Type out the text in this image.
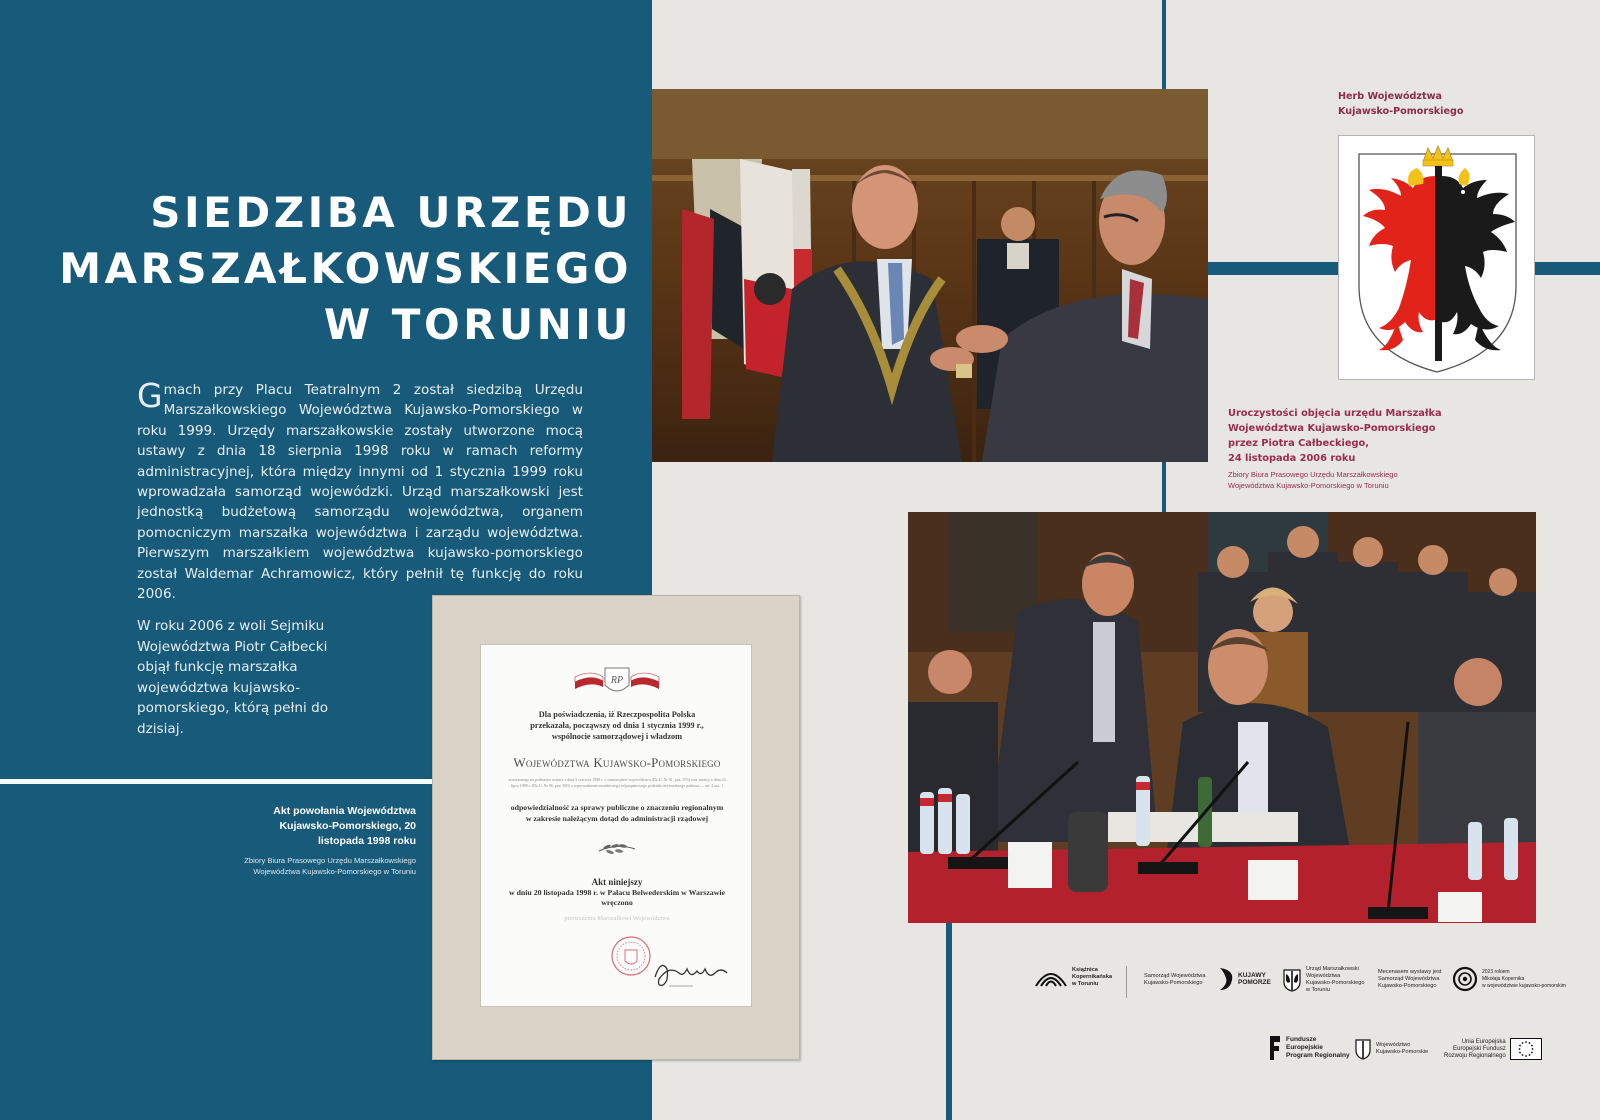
SIEDZIBA URZĘDU
MARSZAŁKOWSKIEGO
W TORUNIU

Gmach przy Placu Teatralnym 2 został siedzibą Urzędu Marszałkowskiego Województwa Kujawsko-Pomorskiego w roku 1999. Urzędy marszałkowskie zostały utworzone mocą ustawy z dnia 18 sierpnia 1998 roku w ramach reformy administracyjnej, która między innymi od 1 stycznia 1999 roku wprowadzała samorząd wojewódzki. Urząd marszałkowski jest jednostką budżetową samorządu województwa, organem pomocniczym marszałka województwa i zarządu województwa. Pierwszym marszałkiem województwa kujawsko-pomorskiego został Waldemar Achramowicz, który pełnił tę funkcję do roku 2006.

W roku 2006 z woli Sejmiku Województwa Piotr Całbecki objął funkcję marszałka województwa kujawsko-pomorskiego, którą pełni do dzisiaj.

Akt powołania Województwa Kujawsko-Pomorskiego, 20 listopada 1998 roku
Zbiory Biura Prasowego Urzędu Marszałkowskiego Województwa Kujawsko-Pomorskiego w Toruniu
RP
Dla poświadczenia, iż Rzeczpospolita Polska
przekazała, począwszy od dnia 1 stycznia 1999 r.,
wspólnocie samorządowej i władzom
Województwa Kujawsko-Pomorskiego
utworzonego na podstawie ustawy z dnia 5 czerwca 1998 r. o samorządzie województwa (Dz.U. Nr 91, poz. 576) oraz ustawy z dnia 24 lipca 1998 r. (Dz.U. Nr 96, poz. 603) o wprowadzeniu zasadniczego trójstopniowego podziału terytorialnego państwa — art. 2 ust. 1
odpowiedzialność za sprawy publiczne o znaczeniu regionalnym
w zakresie należącym dotąd do administracji rządowej
Akt niniejszy
w dniu 20 listopada 1998 r. w Pałacu Belwederskim w Warszawie
wręczono
pierwszemu Marszałkowi Województwa
Herb Województwa
Kujawsko-Pomorskiego
Uroczystości objęcia urzędu Marszałka
Województwa Kujawsko-Pomorskiego
przez Piotra Całbeckiego,
24 listopada 2006 roku
Zbiory Biura Prasowego Urzędu Marszałkowskiego
Województwa Kujawsko-Pomorskiego w Toruniu
Książnica
Kopernikańska
w Toruniu
Samorząd Województwa
Kujawsko-Pomorskiego
KUJAWY
POMORZE
Urząd Marszałkowski
Województwa
Kujawsko-Pomorskiego
w Toruniu
Mecenasem wystawy jest
Samorząd Województwa
Kujawsko-Pomorskiego
2023 rokiem
Mikołaja Kopernika
w województwie kujawsko-pomorskim
Fundusze
Europejskie
Program Regionalny
Województwo
Kujawsko-Pomorskie
Unia Europejska
Europejski Fundusz
Rozwoju Regionalnego
